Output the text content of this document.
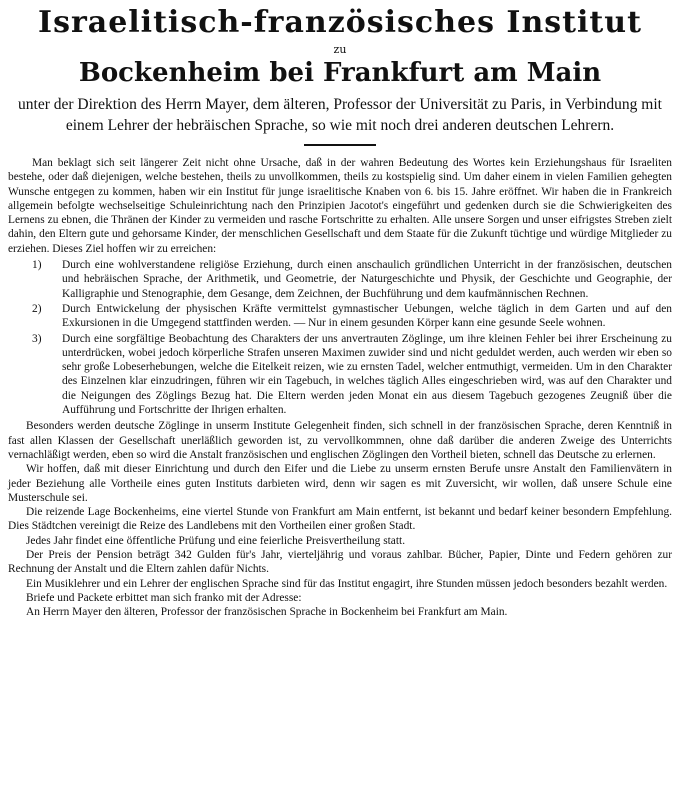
Israelitisch-französisches Institut
zu
Bockenheim bei Frankfurt am Main
unter der Direktion des Herrn Mayer, dem älteren, Professor der Universität zu Paris, in Verbindung mit einem Lehrer der hebräischen Sprache, so wie mit noch drei anderen deutschen Lehrern.

Man beklagt sich seit längerer Zeit nicht ohne Ursache, daß in der wahren Bedeutung des Wortes kein Erziehungshaus für Israeliten bestehe, oder daß diejenigen, welche bestehen, theils zu unvollkommen, theils zu kostspielig sind. Um daher einem in vielen Familien gehegten Wunsche entgegen zu kommen, haben wir ein Institut für junge israelitische Knaben von 6. bis 15. Jahre eröffnet. Wir haben die in Frankreich allgemein befolgte wechselseitige Schuleinrichtung nach den Prinzipien Jacotot's eingeführt und gedenken durch sie die Schwierigkeiten des Lernens zu ebnen, die Thränen der Kinder zu vermeiden und rasche Fortschritte zu erhalten. Alle unsere Sorgen und unser eifrigstes Streben zielt dahin, den Eltern gute und gehorsame Kinder, der menschlichen Gesellschaft und dem Staate für die Zukunft tüchtige und würdige Mitglieder zu erziehen. Dieses Ziel hoffen wir zu erreichen:

1)	Durch eine wohlverstandene religiöse Erziehung, durch einen anschaulich gründlichen Unterricht in der französischen, deutschen und hebräischen Sprache, der Arithmetik, und Geometrie, der Naturgeschichte und Physik, der Geschichte und Geographie, der Kalligraphie und Stenographie, dem Gesange, dem Zeichnen, der Buchführung und dem kaufmännischen Rechnen.
2)	Durch Entwickelung der physischen Kräfte vermittelst gymnastischer Uebungen, welche täglich in dem Garten und auf den Exkursionen in die Umgegend stattfinden werden. — Nur in einem gesunden Körper kann eine gesunde Seele wohnen.
3)	Durch eine sorgfältige Beobachtung des Charakters der uns anvertrauten Zöglinge, um ihre kleinen Fehler bei ihrer Erscheinung zu unterdrücken, wobei jedoch körperliche Strafen unseren Maximen zuwider sind und nicht geduldet werden, auch werden wir eben so sehr große Lobeserhebungen, welche die Eitelkeit reizen, wie zu ernsten Tadel, welcher entmuthigt, vermeiden. Um in den Charakter des Einzelnen klar einzudringen, führen wir ein Tagebuch, in welches täglich Alles eingeschrieben wird, was auf den Charakter und die Neigungen des Zöglings Bezug hat. Die Eltern werden jeden Monat ein aus diesem Tagebuch gezogenes Zeugniß über die Aufführung und Fortschritte der Ihrigen erhalten.

Besonders werden deutsche Zöglinge in unserm Institute Gelegenheit finden, sich schnell in der französischen Sprache, deren Kenntniß in fast allen Klassen der Gesellschaft unerläßlich geworden ist, zu vervollkommnen, ohne daß darüber die anderen Zweige des Unterrichts vernachläßigt werden, eben so wird die Anstalt französischen und englischen Zöglingen den Vortheil bieten, schnell das Deutsche zu erlernen.

Wir hoffen, daß mit dieser Einrichtung und durch den Eifer und die Liebe zu unserm ernsten Berufe unsre Anstalt den Familienvätern in jeder Beziehung alle Vortheile eines guten Instituts darbieten wird, denn wir sagen es mit Zuversicht, wir wollen, daß unsere Schule eine Musterschule sei.

Die reizende Lage Bockenheims, eine viertel Stunde von Frankfurt am Main entfernt, ist bekannt und bedarf keiner besondern Empfehlung. Dies Städtchen vereinigt die Reize des Landlebens mit den Vortheilen einer großen Stadt.

Jedes Jahr findet eine öffentliche Prüfung und eine feierliche Preisvertheilung statt.

Der Preis der Pension beträgt 342 Gulden für's Jahr, vierteljährig und voraus zahlbar. Bücher, Papier, Dinte und Federn gehören zur Rechnung der Anstalt und die Eltern zahlen dafür Nichts.

Ein Musiklehrer und ein Lehrer der englischen Sprache sind für das Institut engagirt, ihre Stunden müssen jedoch besonders bezahlt werden.

Briefe und Packete erbittet man sich franko mit der Adresse:

An Herrn Mayer den älteren, Professor der französischen Sprache in Bockenheim bei Frankfurt am Main.
